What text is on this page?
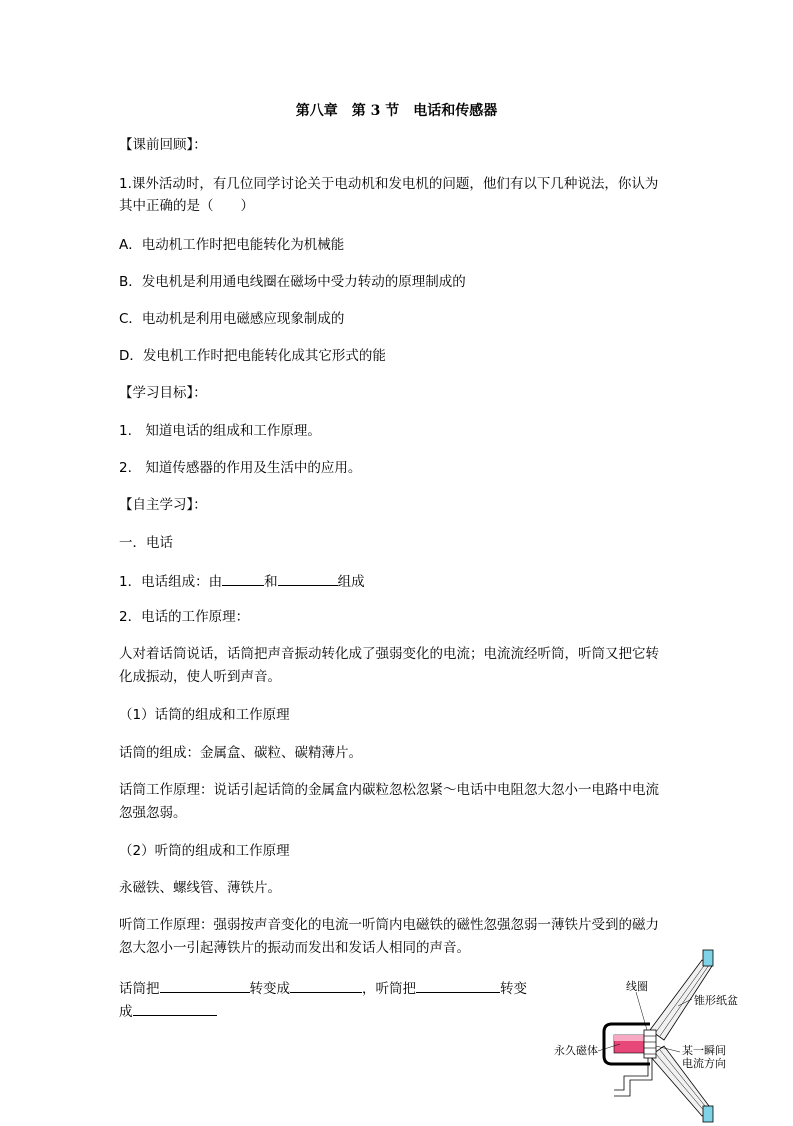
第八章　第 3 节　电话和传感器
【课前回顾】：
1.课外活动时，有几位同学讨论关于电动机和发电机的问题，他们有以下几种说法，你认为
其中正确的是（　　）
A．电动机工作时把电能转化为机械能
B．发电机是利用通电线圈在磁场中受力转动的原理制成的
C．电动机是利用电磁感应现象制成的
D．发电机工作时把电能转化成其它形式的能
【学习目标】：
1.　知道电话的组成和工作原理。
2.　知道传感器的作用及生活中的应用。
【自主学习】：
一．电话
1．电话组成：由	和	组成
2．电话的工作原理：
人对着话筒说话，话筒把声音振动转化成了强弱变化的电流；电流流经听筒，听筒又把它转
化成振动，使人听到声音。
（1）话筒的组成和工作原理
话筒的组成：金属盒、碳粒、碳精薄片。
话筒工作原理：说话引起话筒的金属盒内碳粒忽松忽紧～电话中电阻忽大忽小一电路中电流
忽强忽弱。
（2）听筒的组成和工作原理
永磁铁、螺线管、薄铁片。
听筒工作原理：强弱按声音变化的电流一听筒内电磁铁的磁性忽强忽弱一薄铁片受到的磁力
忽大忽小一引起薄铁片的振动而发出和发话人相同的声音。
话筒把	转变成	，听筒把	转变
成
线圈
锥形纸盆
永久磁体	某一瞬间
电流方向
